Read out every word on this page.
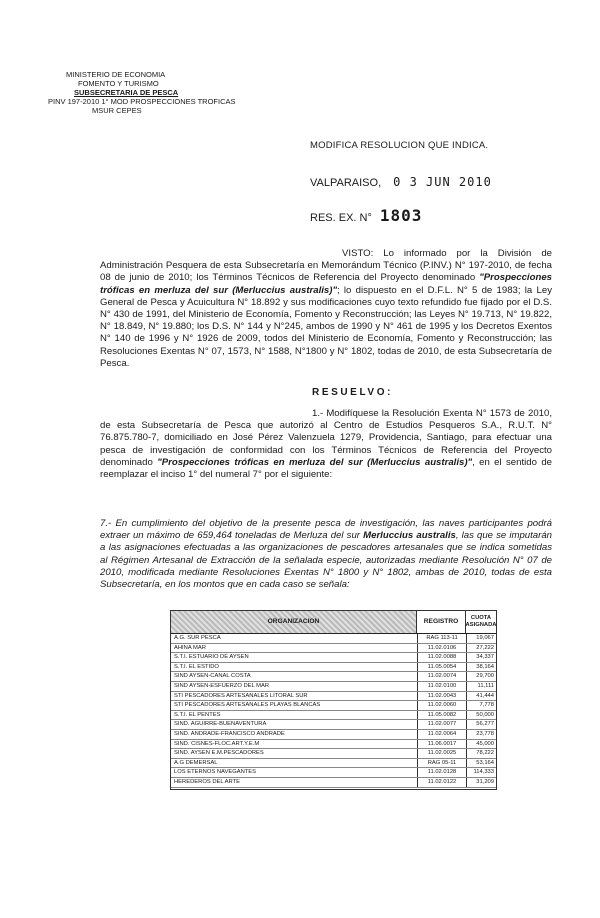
MINISTERIO DE ECONOMIA
FOMENTO Y TURISMO
SUBSECRETARIA DE PESCA
PINV 197-2010 1° MOD PROSPECCIONES TROFICAS
MSUR CEPES
MODIFICA RESOLUCION QUE INDICA.
VALPARAISO, 0 3 JUN 2010
RES. EX. N° 1803
VISTO: Lo informado por la División de Administración Pesquera de esta Subsecretaría en Memorándum Técnico (P.INV.) N° 197-2010, de fecha 08 de junio de 2010; los Términos Técnicos de Referencia del Proyecto denominado "Prospecciones tróficas en merluza del sur (Merluccius australis)"; lo dispuesto en el D.F.L. N° 5 de 1983; la Ley General de Pesca y Acuicultura N° 18.892 y sus modificaciones cuyo texto refundido fue fijado por el D.S. N° 430 de 1991, del Ministerio de Economía, Fomento y Reconstrucción; las Leyes N° 19.713, N° 19.822, N° 18.849, N° 19.880; los D.S. N° 144 y N°245, ambos de 1990 y N° 461 de 1995 y los Decretos Exentos N° 140 de 1996 y N° 1926 de 2009, todos del Ministerio de Economía, Fomento y Reconstrucción; las Resoluciones Exentas N° 07, 1573, N° 1588, N°1800 y N° 1802, todas de 2010, de esta Subsecretaría de Pesca.
RESUELVO:
1.- Modifíquese la Resolución Exenta N° 1573 de 2010, de esta Subsecretaría de Pesca que autorizó al Centro de Estudios Pesqueros S.A., R.U.T. N° 76.875.780-7, domiciliado en José Pérez Valenzuela 1279, Providencia, Santiago, para efectuar una pesca de investigación de conformidad con los Términos Técnicos de Referencia del Proyecto denominado "Prospecciones tróficas en merluza del sur (Merluccius australis)", en el sentido de reemplazar el inciso 1° del numeral 7° por el siguiente:
7.- En cumplimiento del objetivo de la presente pesca de investigación, las naves participantes podrá extraer un máximo de 659,464 toneladas de Merluza del sur Merluccius australis, las que se imputarán a las asignaciones efectuadas a las organizaciones de pescadores artesanales que se indica sometidas al Régimen Artesanal de Extracción de la señalada especie, autorizadas mediante Resolución N° 07 de 2010, modificada mediante Resoluciones Exentas N° 1800 y N° 1802, ambas de 2010, todas de esta Subsecretaría, en los montos que en cada caso se señala:
ORGANIZACION	REGISTRO	CUOTA ASIGNADA
A.G. SUR PESCA	RAG 113-11	19,067
AHINA MAR	11.02.0106	27,222
S.T.I. ESTUARIO DE AYSEN	11.02.0088	34,337
S.T.I. EL ESTIDO	11.05.0054	38,164
SIND AYSEN-CANAL COSTA	11.02.0074	29,700
SIND AYSEN-ESFUERZO DEL MAR	11.02.0100	11,111
STI PESCADORES ARTESANALES LITORAL SUR	11.02.0043	41,444
STI PESCADORES ARTESANALES PLAYAS BLANCAS	11.02.0060	7,778
S.T.I. EL PENTES	11.05.0082	50,000
SIND. AGUIRRE-BUENAVENTURA	11.02.0077	56,277
SIND. ANDRADE-FRANCISCO ANDRADE	11.02.0064	23,778
SIND. CISNES-FLOC.ART.Y.E.M	11.06.0017	45,000
SIND. AYSEN E.M.PESCADORES	11.02.0025	78,222
A.G DEMERSAL	RAG 05-11	53,164
LOS ETERNOS NAVEGANTES	11.02.0128	114,333
HEREDEROS DEL ARTE	11.02.0122	31,209
